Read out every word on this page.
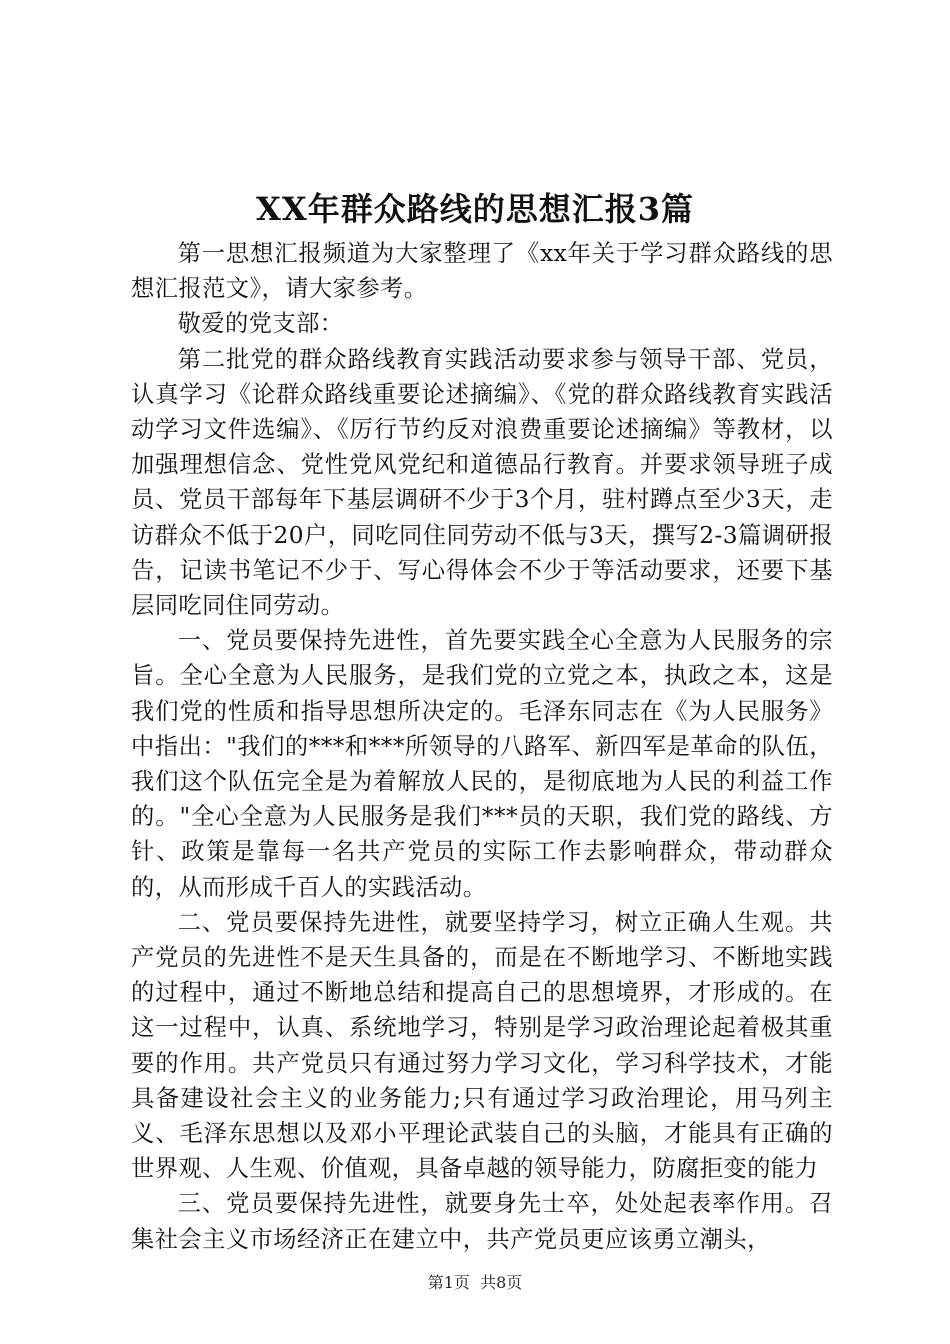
XX年群众路线的思想汇报3篇

第一思想汇报频道为大家整理了《xx年关于学习群众路线的思想汇报范文》，请大家参考。

敬爱的党支部：

第二批党的群众路线教育实践活动要求参与领导干部、党员，认真学习《论群众路线重要论述摘编》、《党的群众路线教育实践活动学习文件选编》、《厉行节约反对浪费重要论述摘编》等教材，以加强理想信念、党性党风党纪和道德品行教育。并要求领导班子成员、党员干部每年下基层调研不少于3个月，驻村蹲点至少3天，走访群众不低于20户，同吃同住同劳动不低与3天，撰写2-3篇调研报告，记读书笔记不少于、写心得体会不少于等活动要求，还要下基层同吃同住同劳动。

一、党员要保持先进性，首先要实践全心全意为人民服务的宗旨。全心全意为人民服务，是我们党的立党之本，执政之本，这是我们党的性质和指导思想所决定的。毛泽东同志在《为人民服务》中指出："我们的***和***所领导的八路军、新四军是革命的队伍，我们这个队伍完全是为着解放人民的，是彻底地为人民的利益工作的。"全心全意为人民服务是我们***员的天职，我们党的路线、方针、政策是靠每一名共产党员的实际工作去影响群众，带动群众的，从而形成千百人的实践活动。

二、党员要保持先进性，就要坚持学习，树立正确人生观。共产党员的先进性不是天生具备的，而是在不断地学习、不断地实践的过程中，通过不断地总结和提高自己的思想境界，才形成的。在这一过程中，认真、系统地学习，特别是学习政治理论起着极其重要的作用。共产党员只有通过努力学习文化，学习科学技术，才能具备建设社会主义的业务能力;只有通过学习政治理论，用马列主义、毛泽东思想以及邓小平理论武装自己的头脑，才能具有正确的世界观、人生观、价值观，具备卓越的领导能力，防腐拒变的能力

三、党员要保持先进性，就要身先士卒，处处起表率作用。召集社会主义市场经济正在建立中，共产党员更应该勇立潮头，

第1页 共8页
